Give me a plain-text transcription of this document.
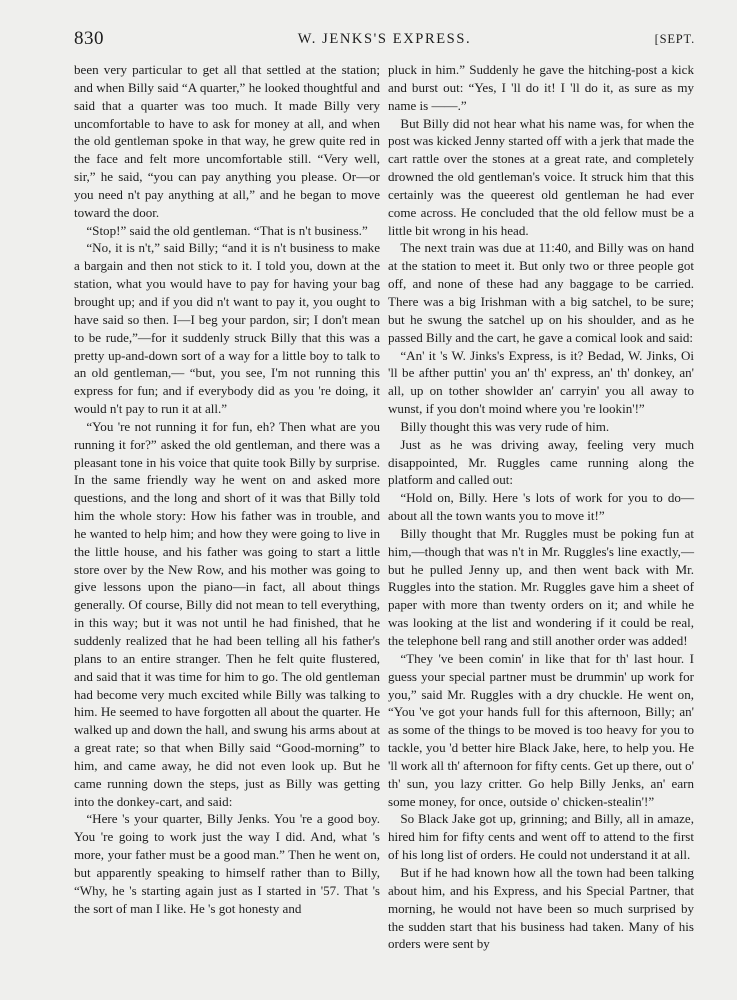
830	W. JENKS'S EXPRESS.	[SEPT.

been very particular to get all that settled at the station; and when Billy said “A quarter,” he looked thoughtful and said that a quarter was too much. It made Billy very uncomfortable to have to ask for money at all, and when the old gentleman spoke in that way, he grew quite red in the face and felt more uncomfortable still. “Very well, sir,” he said, “you can pay anything you please. Or—or you need n't pay anything at all,” and he began to move toward the door.

“Stop!” said the old gentleman. “That is n't business.”

“No, it is n't,” said Billy; “and it is n't business to make a bargain and then not stick to it. I told you, down at the station, what you would have to pay for having your bag brought up; and if you did n't want to pay it, you ought to have said so then. I—I beg your pardon, sir; I don't mean to be rude,”—for it suddenly struck Billy that this was a pretty up-and-down sort of a way for a little boy to talk to an old gentleman,— “but, you see, I'm not running this express for fun; and if everybody did as you 're doing, it would n't pay to run it at all.”

“You 're not running it for fun, eh? Then what are you running it for?” asked the old gentleman, and there was a pleasant tone in his voice that quite took Billy by surprise. In the same friendly way he went on and asked more questions, and the long and short of it was that Billy told him the whole story: How his father was in trouble, and he wanted to help him; and how they were going to live in the little house, and his father was going to start a little store over by the New Row, and his mother was going to give lessons upon the piano—in fact, all about things generally. Of course, Billy did not mean to tell everything, in this way; but it was not until he had finished, that he suddenly realized that he had been telling all his father's plans to an entire stranger. Then he felt quite flustered, and said that it was time for him to go. The old gentleman had become very much excited while Billy was talking to him. He seemed to have forgotten all about the quarter. He walked up and down the hall, and swung his arms about at a great rate; so that when Billy said “Good-morning” to him, and came away, he did not even look up. But he came running down the steps, just as Billy was getting into the donkey-cart, and said:

“Here 's your quarter, Billy Jenks. You 're a good boy. You 're going to work just the way I did. And, what 's more, your father must be a good man.” Then he went on, but apparently speaking to himself rather than to Billy, “Why, he 's starting again just as I started in '57. That 's the sort of man I like. He 's got honesty and

pluck in him.” Suddenly he gave the hitching-post a kick and burst out: “Yes, I 'll do it! I 'll do it, as sure as my name is ——.”

But Billy did not hear what his name was, for when the post was kicked Jenny started off with a jerk that made the cart rattle over the stones at a great rate, and completely drowned the old gentleman's voice. It struck him that this certainly was the queerest old gentleman he had ever come across. He concluded that the old fellow must be a little bit wrong in his head.

The next train was due at 11:40, and Billy was on hand at the station to meet it. But only two or three people got off, and none of these had any baggage to be carried. There was a big Irishman with a big satchel, to be sure; but he swung the satchel up on his shoulder, and as he passed Billy and the cart, he gave a comical look and said:

“An' it 's W. Jinks's Express, is it? Bedad, W. Jinks, Oi 'll be afther puttin' you an' th' express, an' th' donkey, an' all, up on tother showlder an' carryin' you all away to wunst, if you don't moind where you 're lookin'!”

Billy thought this was very rude of him.

Just as he was driving away, feeling very much disappointed, Mr. Ruggles came running along the platform and called out:

“Hold on, Billy. Here 's lots of work for you to do—about all the town wants you to move it!”

Billy thought that Mr. Ruggles must be poking fun at him,—though that was n't in Mr. Ruggles's line exactly,—but he pulled Jenny up, and then went back with Mr. Ruggles into the station. Mr. Ruggles gave him a sheet of paper with more than twenty orders on it; and while he was looking at the list and wondering if it could be real, the telephone bell rang and still another order was added!

“They 've been comin' in like that for th' last hour. I guess your special partner must be drummin' up work for you,” said Mr. Ruggles with a dry chuckle. He went on, “You 've got your hands full for this afternoon, Billy; an' as some of the things to be moved is too heavy for you to tackle, you 'd better hire Black Jake, here, to help you. He 'll work all th' afternoon for fifty cents. Get up there, out o' th' sun, you lazy critter. Go help Billy Jenks, an' earn some money, for once, outside o' chicken-stealin'!”

So Black Jake got up, grinning; and Billy, all in amaze, hired him for fifty cents and went off to attend to the first of his long list of orders. He could not understand it at all.

But if he had known how all the town had been talking about him, and his Express, and his Special Partner, that morning, he would not have been so much surprised by the sudden start that his business had taken. Many of his orders were sent by
